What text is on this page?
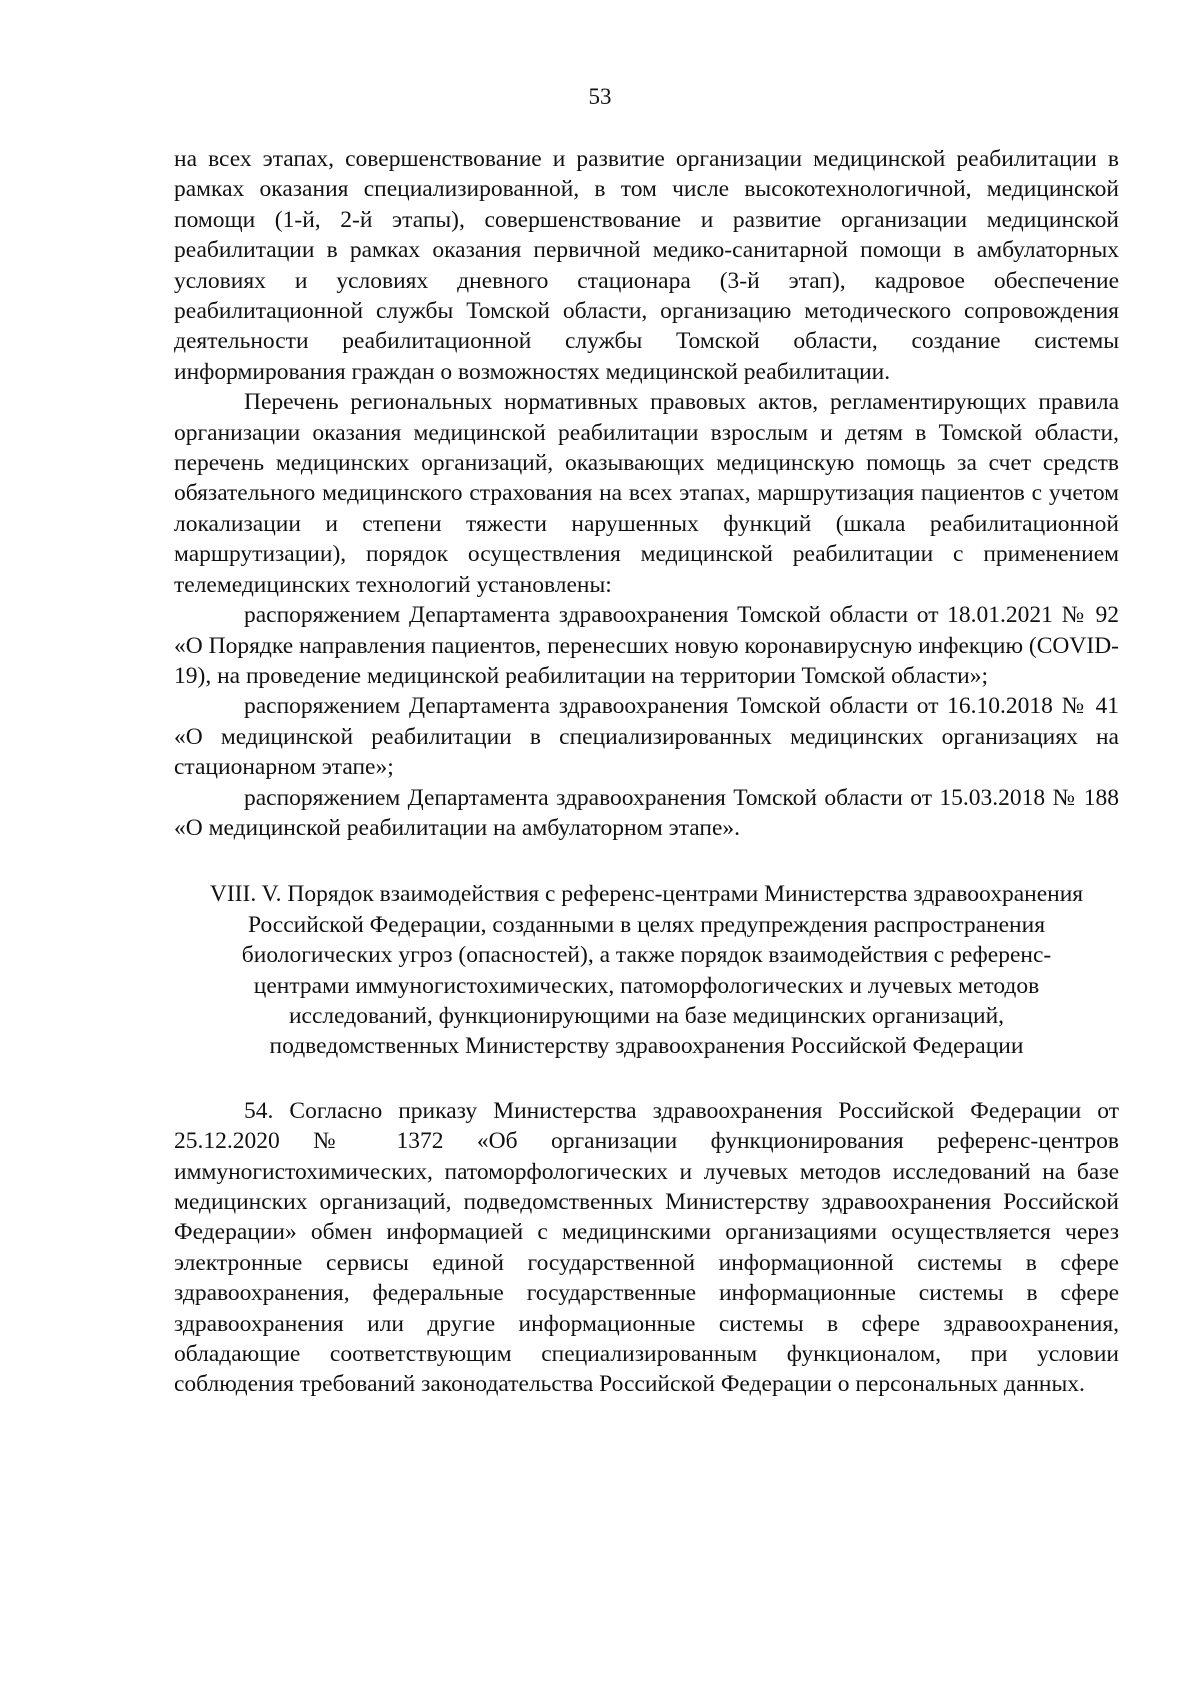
53

на всех этапах, совершенствование и развитие организации медицинской реабилитации в рамках оказания специализированной, в том числе высокотехнологичной, медицинской помощи (1-й, 2-й этапы), совершенствование и развитие организации медицинской реабилитации в рамках оказания первичной медико-санитарной помощи в амбулаторных условиях и условиях дневного стационара (3-й этап), кадровое обеспечение реабилитационной службы Томской области, организацию методического сопровождения деятельности реабилитационной службы Томской области, создание системы информирования граждан о возможностях медицинской реабилитации.

Перечень региональных нормативных правовых актов, регламентирующих правила организации оказания медицинской реабилитации взрослым и детям в Томской области, перечень медицинских организаций, оказывающих медицинскую помощь за счет средств обязательного медицинского страхования на всех этапах, маршрутизация пациентов с учетом локализации и степени тяжести нарушенных функций (шкала реабилитационной маршрутизации), порядок осуществления медицинской реабилитации с применением телемедицинских технологий установлены:

распоряжением Департамента здравоохранения Томской области от 18.01.2021 № 92 «О Порядке направления пациентов, перенесших новую коронавирусную инфекцию (COVID-19), на проведение медицинской реабилитации на территории Томской области»;

распоряжением Департамента здравоохранения Томской области от 16.10.2018 № 41 «О медицинской реабилитации в специализированных медицинских организациях на стационарном этапе»;

распоряжением Департамента здравоохранения Томской области от 15.03.2018 № 188 «О медицинской реабилитации на амбулаторном этапе».

VIII. V. Порядок взаимодействия с референс-центрами Министерства здравоохранения Российской Федерации, созданными в целях предупреждения распространения биологических угроз (опасностей), а также порядок взаимодействия с референс-центрами иммуногистохимических, патоморфологических и лучевых методов исследований, функционирующими на базе медицинских организаций, подведомственных Министерству здравоохранения Российской Федерации

54. Согласно приказу Министерства здравоохранения Российской Федерации от 25.12.2020 № 1372 «Об организации функционирования референс-центров иммуногистохимических, патоморфологических и лучевых методов исследований на базе медицинских организаций, подведомственных Министерству здравоохранения Российской Федерации» обмен информацией с медицинскими организациями осуществляется через электронные сервисы единой государственной информационной системы в сфере здравоохранения, федеральные государственные информационные системы в сфере здравоохранения или другие информационные системы в сфере здравоохранения, обладающие соответствующим специализированным функционалом, при условии соблюдения требований законодательства Российской Федерации о персональных данных.
